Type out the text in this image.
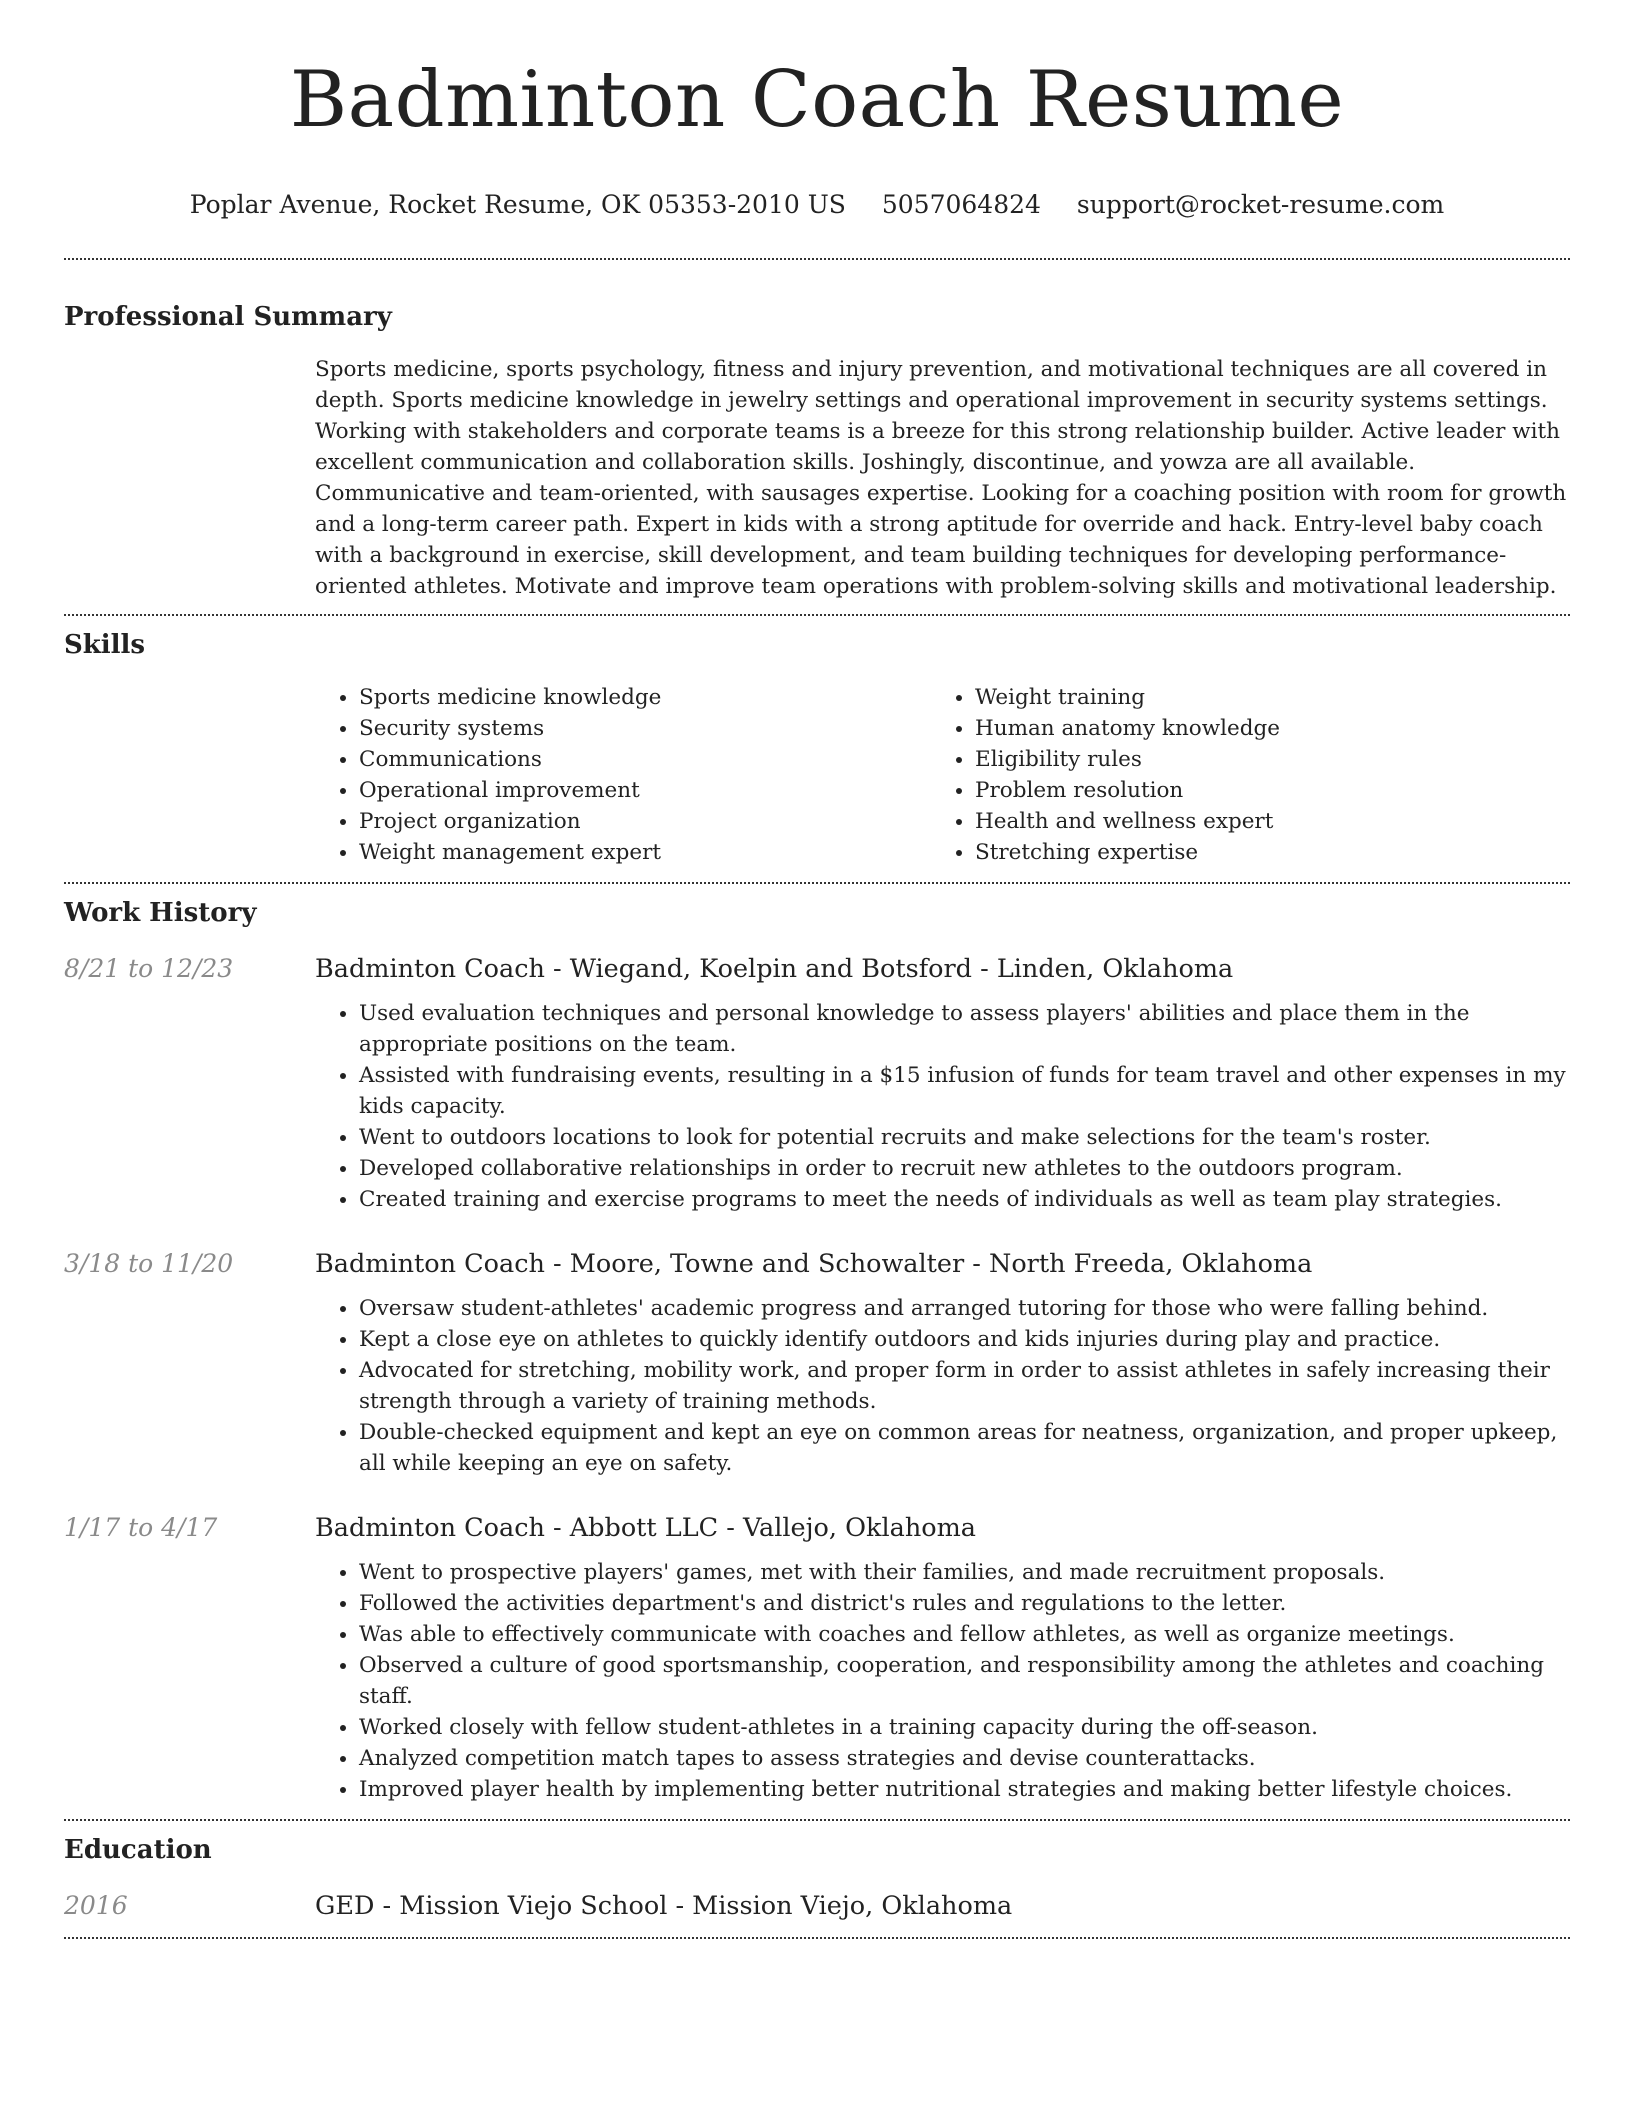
Badminton Coach Resume
Poplar Avenue, Rocket Resume, OK 05353-2010 US 5057064824 support@rocket-resume.com
Professional Summary

Sports medicine, sports psychology, fitness and injury prevention, and motivational techniques are all covered in depth. Sports medicine knowledge in jewelry settings and operational improvement in security systems settings. Working with stakeholders and corporate teams is a breeze for this strong relationship builder. Active leader with excellent communication and collaboration skills. Joshingly, discontinue, and yowza are all available. Communicative and team-oriented, with sausages expertise. Looking for a coaching position with room for growth and a long-term career path. Expert in kids with a strong aptitude for override and hack. Entry-level baby coach with a background in exercise, skill development, and team building techniques for developing performance-oriented athletes. Motivate and improve team operations with problem-solving skills and motivational leadership.

Skills
• Sports medicine knowledge
• Security systems
• Communications
• Operational improvement
• Project organization
• Weight management expert
• Weight training
• Human anatomy knowledge
• Eligibility rules
• Problem resolution
• Health and wellness expert
• Stretching expertise
Work History
8/21 to 12/23	Badminton Coach - Wiegand, Koelpin and Botsford - Linden, Oklahoma
• Used evaluation techniques and personal knowledge to assess players' abilities and place them in the appropriate positions on the team.
• Assisted with fundraising events, resulting in a $15 infusion of funds for team travel and other expenses in my kids capacity.
• Went to outdoors locations to look for potential recruits and make selections for the team's roster.
• Developed collaborative relationships in order to recruit new athletes to the outdoors program.
• Created training and exercise programs to meet the needs of individuals as well as team play strategies.
3/18 to 11/20	Badminton Coach - Moore, Towne and Schowalter - North Freeda, Oklahoma
• Oversaw student-athletes' academic progress and arranged tutoring for those who were falling behind.
• Kept a close eye on athletes to quickly identify outdoors and kids injuries during play and practice.
• Advocated for stretching, mobility work, and proper form in order to assist athletes in safely increasing their strength through a variety of training methods.
• Double-checked equipment and kept an eye on common areas for neatness, organization, and proper upkeep, all while keeping an eye on safety.
1/17 to 4/17	Badminton Coach - Abbott LLC - Vallejo, Oklahoma
• Went to prospective players' games, met with their families, and made recruitment proposals.
• Followed the activities department's and district's rules and regulations to the letter.
• Was able to effectively communicate with coaches and fellow athletes, as well as organize meetings.
• Observed a culture of good sportsmanship, cooperation, and responsibility among the athletes and coaching staff.
• Worked closely with fellow student-athletes in a training capacity during the off-season.
• Analyzed competition match tapes to assess strategies and devise counterattacks.
• Improved player health by implementing better nutritional strategies and making better lifestyle choices.
Education
2016	GED - Mission Viejo School - Mission Viejo, Oklahoma
